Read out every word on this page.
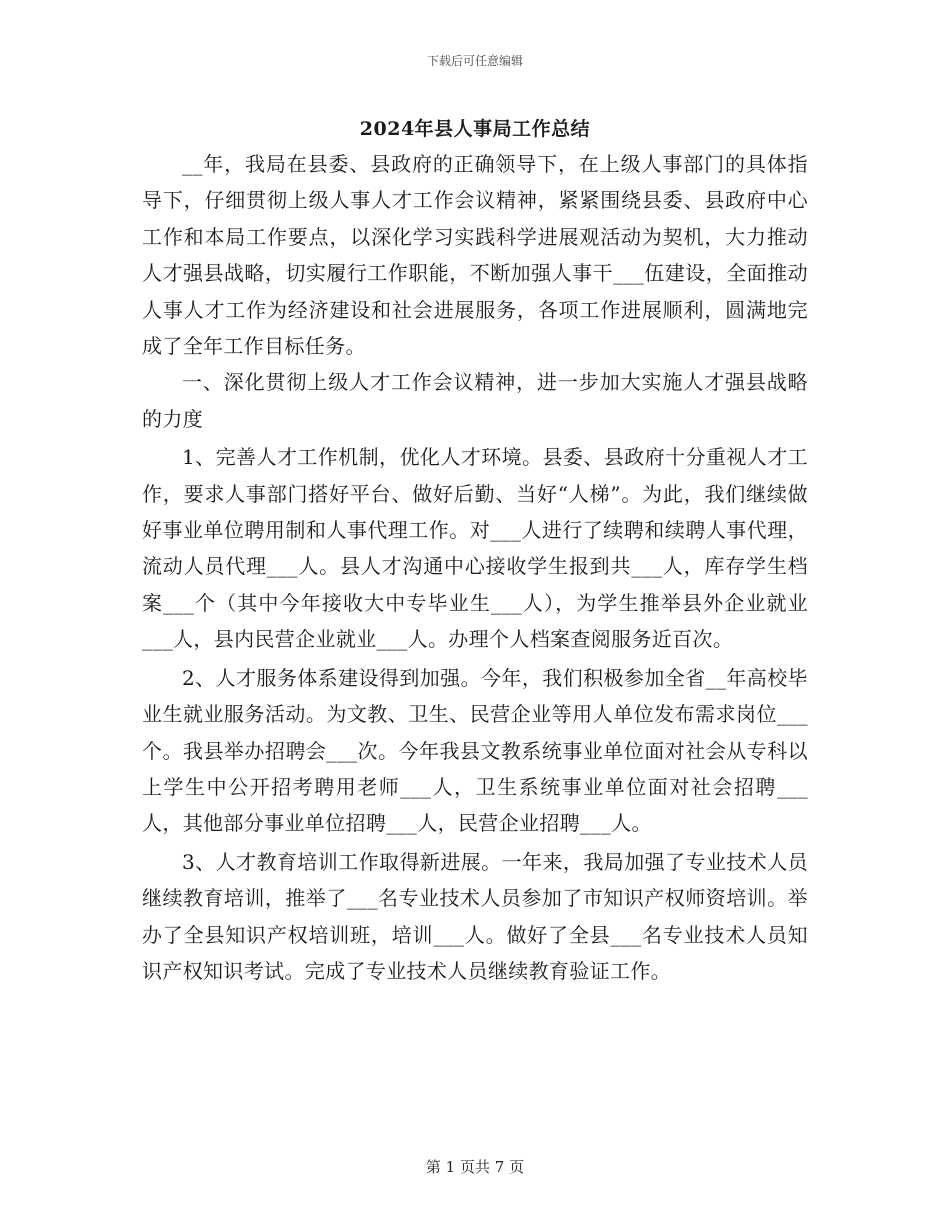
下载后可任意编辑
2024年县人事局工作总结

__年，我局在县委、县政府的正确领导下，在上级人事部门的具体指导下，仔细贯彻上级人事人才工作会议精神，紧紧围绕县委、县政府中心工作和本局工作要点，以深化学习实践科学进展观活动为契机，大力推动人才强县战略，切实履行工作职能，不断加强人事干___伍建设，全面推动人事人才工作为经济建设和社会进展服务，各项工作进展顺利，圆满地完成了全年工作目标任务。

一、深化贯彻上级人才工作会议精神，进一步加大实施人才强县战略的力度

1、完善人才工作机制，优化人才环境。县委、县政府十分重视人才工作，要求人事部门搭好平台、做好后勤、当好“人梯”。为此，我们继续做好事业单位聘用制和人事代理工作。对___人进行了续聘和续聘人事代理，流动人员代理___人。县人才沟通中心接收学生报到共___人，库存学生档案___个（其中今年接收大中专毕业生___人），为学生推举县外企业就业___人，县内民营企业就业___人。办理个人档案查阅服务近百次。

2、人才服务体系建设得到加强。今年，我们积极参加全省__年高校毕业生就业服务活动。为文教、卫生、民营企业等用人单位发布需求岗位___个。我县举办招聘会___次。今年我县文教系统事业单位面对社会从专科以上学生中公开招考聘用老师___人，卫生系统事业单位面对社会招聘___人，其他部分事业单位招聘___人，民营企业招聘___人。

3、人才教育培训工作取得新进展。一年来，我局加强了专业技术人员继续教育培训，推举了___名专业技术人员参加了市知识产权师资培训。举办了全县知识产权培训班，培训___人。做好了全县___名专业技术人员知识产权知识考试。完成了专业技术人员继续教育验证工作。

第 1 页共 7 页
